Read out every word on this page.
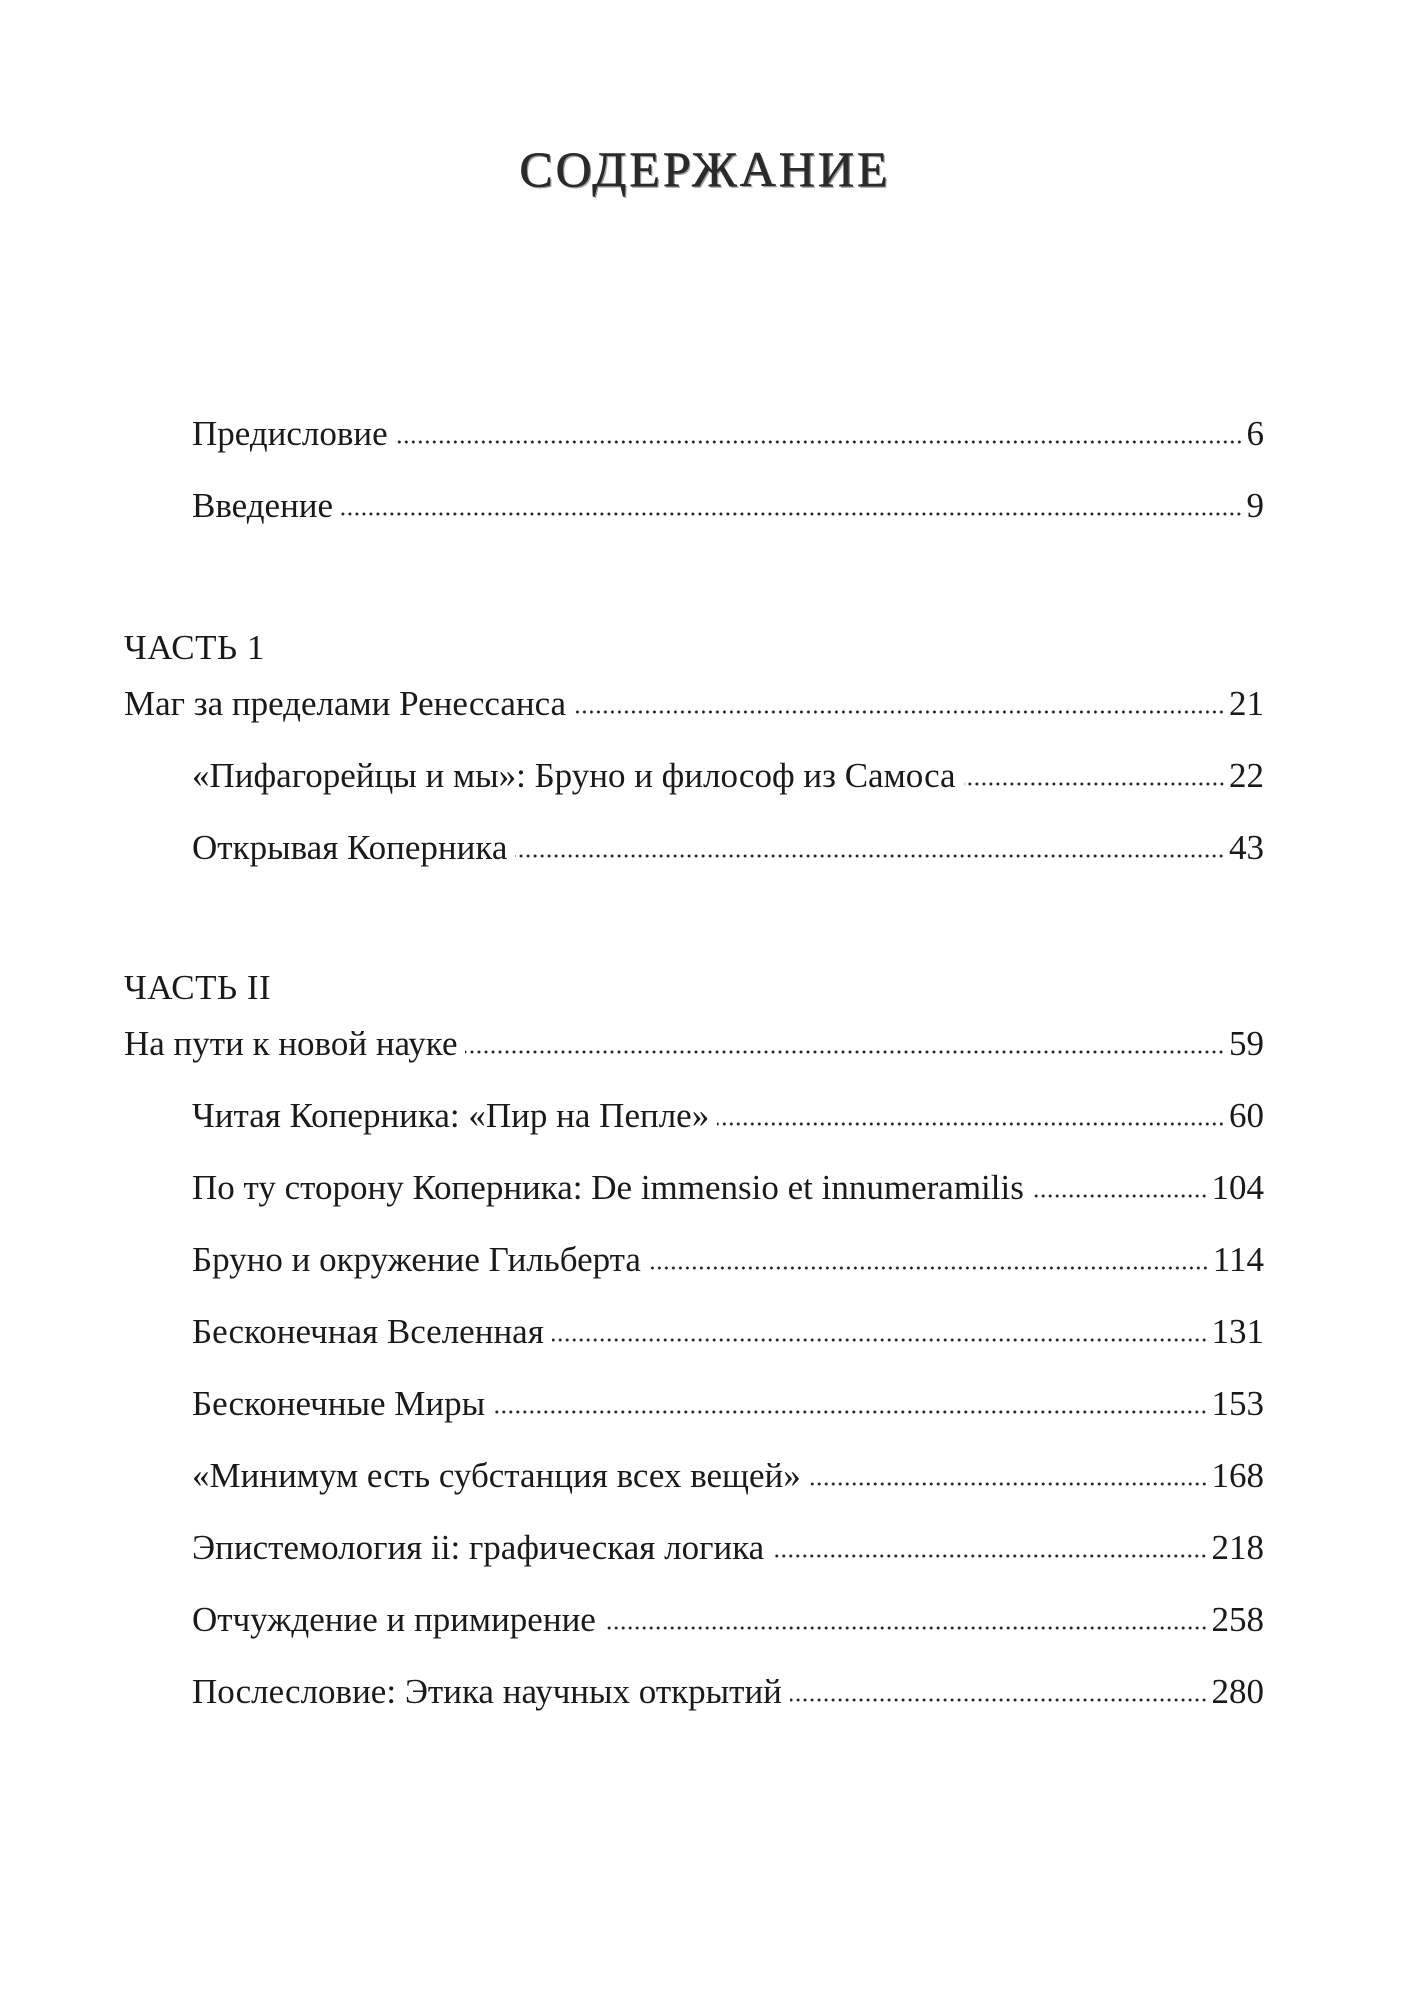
СОДЕРЖАНИЕ
Предисловие	6
Введение	9
ЧАСТЬ 1
Маг за пределами Ренессанса	21
«Пифагорейцы и мы»: Бруно и философ из Самоса	22
Открывая Коперника	43
ЧАСТЬ II
На пути к новой науке	59
Читая Коперника: «Пир на Пепле»	60
По ту сторону Коперника: De immensio et innumeramilis	104
Бруно и окружение Гильберта	114
Бесконечная Вселенная	131
Бесконечные Миры	153
«Минимум есть субстанция всех вещей»	168
Эпистемология ii: графическая логика	218
Отчуждение и примирение	258
Послесловие: Этика научных открытий	280
